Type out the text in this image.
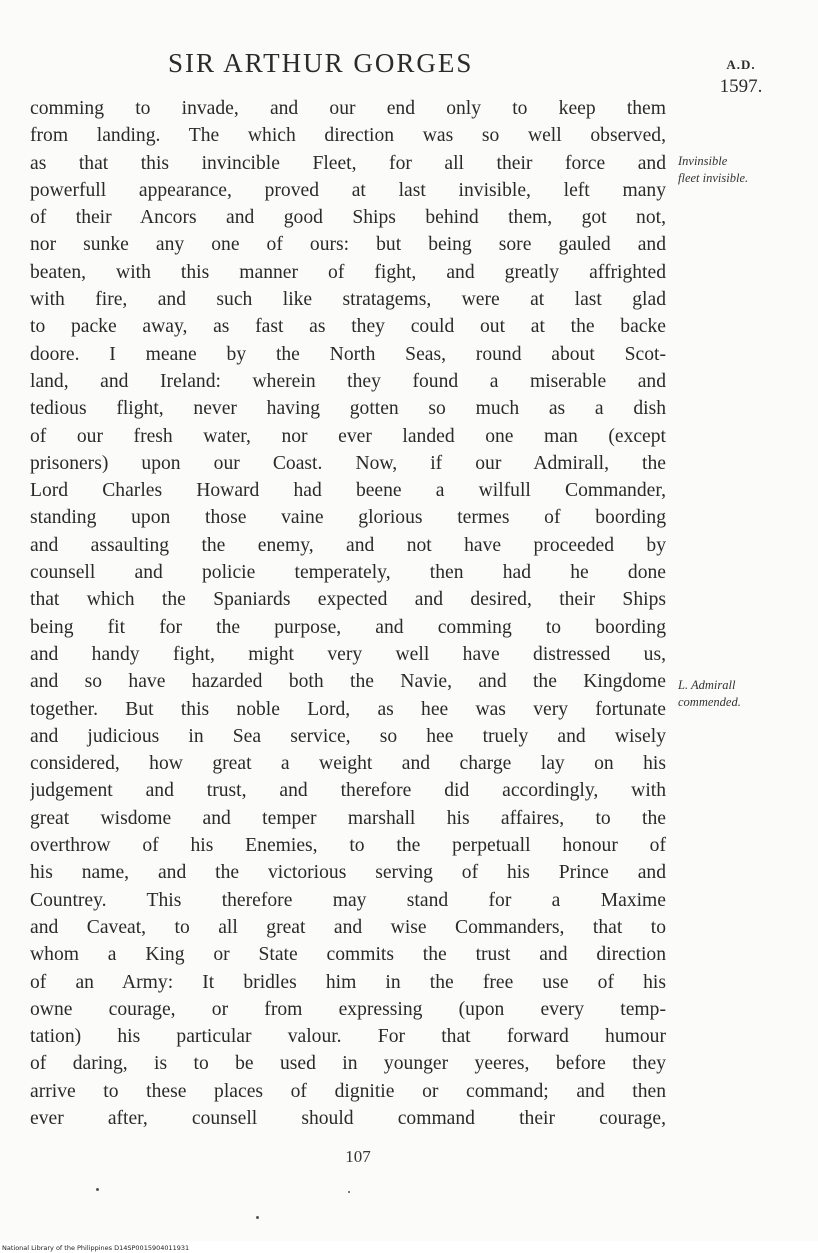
SIR ARTHUR GORGES	A.D.
1597.
comming to invade, and our end only to keep them
from landing. The which direction was so well observed,
as that this invincible Fleet, for all their force and
powerfull appearance, proved at last invisible, left many
of their Ancors and good Ships behind them, got not,
nor sunke any one of ours: but being sore gauled and
beaten, with this manner of fight, and greatly affrighted
with fire, and such like stratagems, were at last glad
to packe away, as fast as they could out at the backe
doore. I meane by the North Seas, round about Scot-
land, and Ireland: wherein they found a miserable and
tedious flight, never having gotten so much as a dish
of our fresh water, nor ever landed one man (except
prisoners) upon our Coast. Now, if our Admirall, the
Lord Charles Howard had beene a wilfull Commander,
standing upon those vaine glorious termes of boording
and assaulting the enemy, and not have proceeded by
counsell and policie temperately, then had he done
that which the Spaniards expected and desired, their Ships
being fit for the purpose, and comming to boording
and handy fight, might very well have distressed us,
and so have hazarded both the Navie, and the Kingdome
together. But this noble Lord, as hee was very fortunate
and judicious in Sea service, so hee truely and wisely
considered, how great a weight and charge lay on his
judgement and trust, and therefore did accordingly, with
great wisdome and temper marshall his affaires, to the
overthrow of his Enemies, to the perpetuall honour of
his name, and the victorious serving of his Prince and
Countrey. This therefore may stand for a Maxime
and Caveat, to all great and wise Commanders, that to
whom a King or State commits the trust and direction
of an Army: It bridles him in the free use of his
owne courage, or from expressing (upon every temp-
tation) his particular valour. For that forward humour
of daring, is to be used in younger yeeres, before they
arrive to these places of dignitie or command; and then
ever after, counsell should command their courage,
Invinsible
fleet invisible.
L. Admirall
commended.
107
National Library of the Philippines D14SP0015904011931
